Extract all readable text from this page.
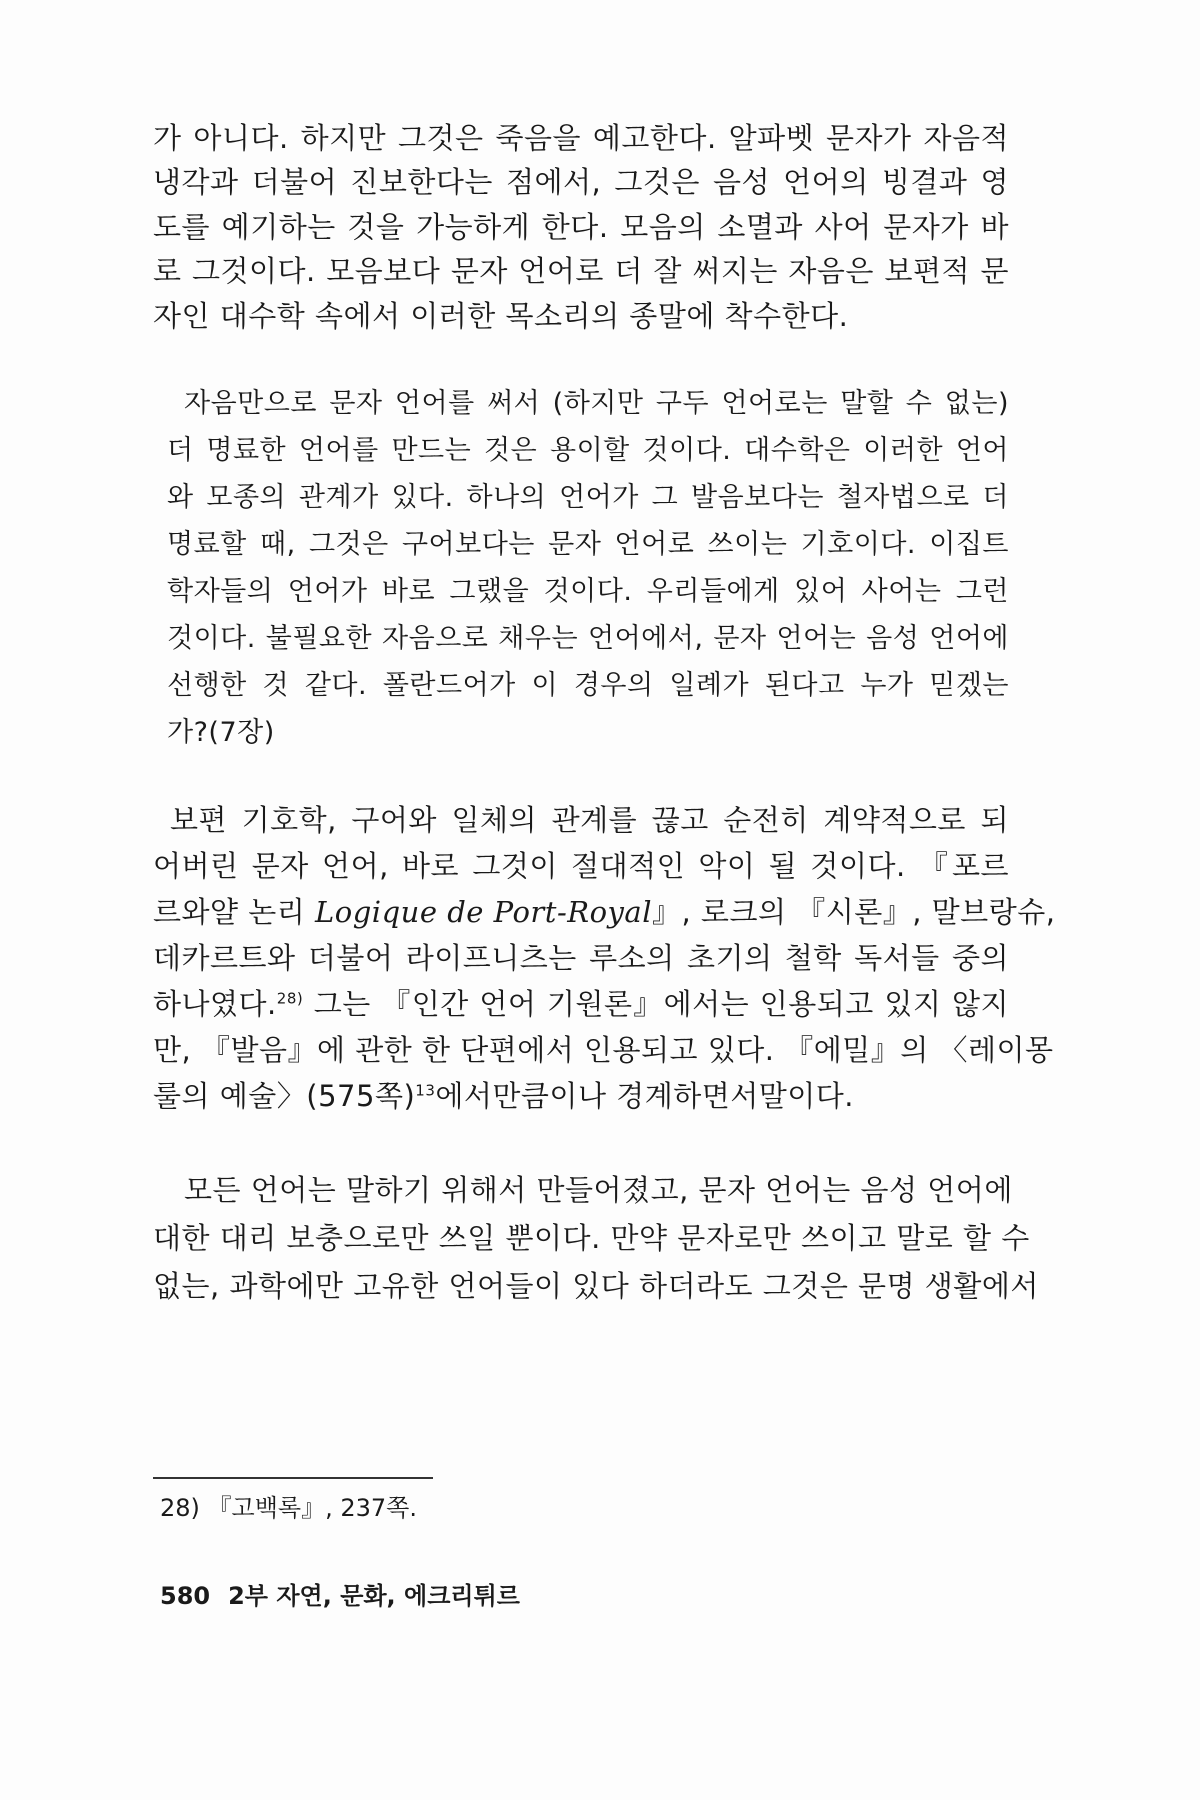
가 아니다. 하지만 그것은 죽음을 예고한다. 알파벳 문자가 자음적
냉각과 더불어 진보한다는 점에서, 그것은 음성 언어의 빙결과 영
도를 예기하는 것을 가능하게 한다. 모음의 소멸과 사어 문자가 바
로 그것이다. 모음보다 문자 언어로 더 잘 써지는 자음은 보편적 문
자인 대수학 속에서 이러한 목소리의 종말에 착수한다.
자음만으로 문자 언어를 써서 (하지만 구두 언어로는 말할 수 없는)
더 명료한 언어를 만드는 것은 용이할 것이다. 대수학은 이러한 언어
와 모종의 관계가 있다. 하나의 언어가 그 발음보다는 철자법으로 더
명료할 때, 그것은 구어보다는 문자 언어로 쓰이는 기호이다. 이집트
학자들의 언어가 바로 그랬을 것이다. 우리들에게 있어 사어는 그런
것이다. 불필요한 자음으로 채우는 언어에서, 문자 언어는 음성 언어에
선행한 것 같다. 폴란드어가 이 경우의 일례가 된다고 누가 믿겠는
가?(7장)
보편 기호학, 구어와 일체의 관계를 끊고 순전히 계약적으로 되
어버린 문자 언어, 바로 그것이 절대적인 악이 될 것이다. 『포르
르와얄 논리 Logique de Port-Royal』, 로크의 『시론』, 말브랑슈,
데카르트와 더불어 라이프니츠는 루소의 초기의 철학 독서들 중의
하나였다.$^{28)}$ 그는 『인간 언어 기원론』에서는 인용되고 있지 않지
만, 『발음』에 관한 한 단편에서 인용되고 있다. 『에밀』의 〈레이몽
룰의 예술〉(575쪽)$^{13}$에서만큼이나 경계하면서말이다.
모든 언어는 말하기 위해서 만들어졌고, 문자 언어는 음성 언어에
대한 대리 보충으로만 쓰일 뿐이다. 만약 문자로만 쓰이고 말로 할 수
없는, 과학에만 고유한 언어들이 있다 하더라도 그것은 문명 생활에서
28) 『고백록』, 237쪽.
580 2부 자연, 문화, 에크리튀르
